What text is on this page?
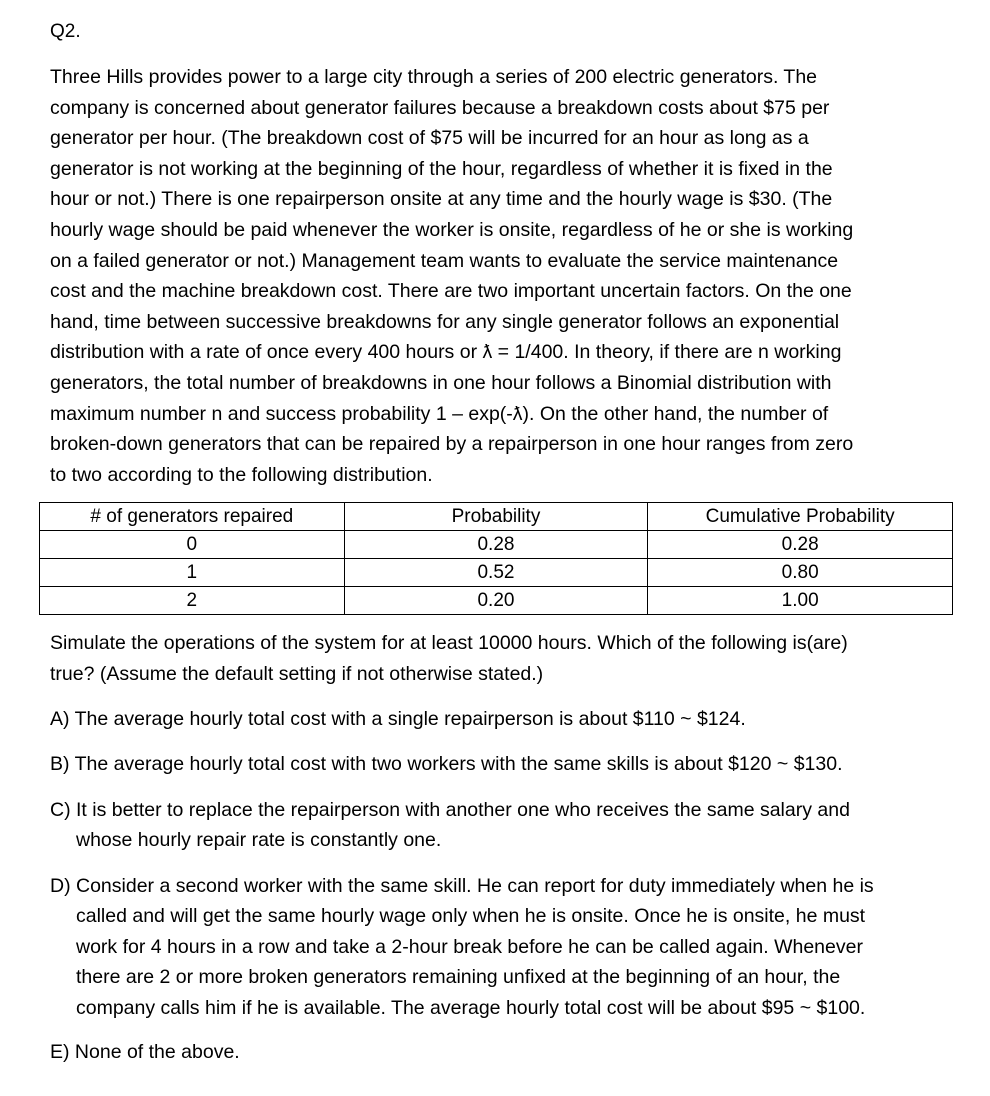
Q2.
Three Hills provides power to a large city through a series of 200 electric generators. The
company is concerned about generator failures because a breakdown costs about $75 per
generator per hour. (The breakdown cost of $75 will be incurred for an hour as long as a
generator is not working at the beginning of the hour, regardless of whether it is fixed in the
hour or not.) There is one repairperson onsite at any time and the hourly wage is $30. (The
hourly wage should be paid whenever the worker is onsite, regardless of he or she is working
on a failed generator or not.) Management team wants to evaluate the service maintenance
cost and the machine breakdown cost. There are two important uncertain factors. On the one
hand, time between successive breakdowns for any single generator follows an exponential
distribution with a rate of once every 400 hours or ƛ = 1/400. In theory, if there are n working
generators, the total number of breakdowns in one hour follows a Binomial distribution with
maximum number n and success probability 1 – exp(-ƛ). On the other hand, the number of
broken-down generators that can be repaired by a repairperson in one hour ranges from zero
to two according to the following distribution.
# of generators repaired	Probability	Cumulative Probability
0	0.28	0.28
1	0.52	0.80
2	0.20	1.00
Simulate the operations of the system for at least 10000 hours. Which of the following is(are)
true? (Assume the default setting if not otherwise stated.)
A) The average hourly total cost with a single repairperson is about $110 ~ $124.
B) The average hourly total cost with two workers with the same skills is about $120 ~ $130.
C) It is better to replace the repairperson with another one who receives the same salary and
whose hourly repair rate is constantly one.
D) Consider a second worker with the same skill. He can report for duty immediately when he is
called and will get the same hourly wage only when he is onsite. Once he is onsite, he must
work for 4 hours in a row and take a 2-hour break before he can be called again. Whenever
there are 2 or more broken generators remaining unfixed at the beginning of an hour, the
company calls him if he is available. The average hourly total cost will be about $95 ~ $100.
E) None of the above.
